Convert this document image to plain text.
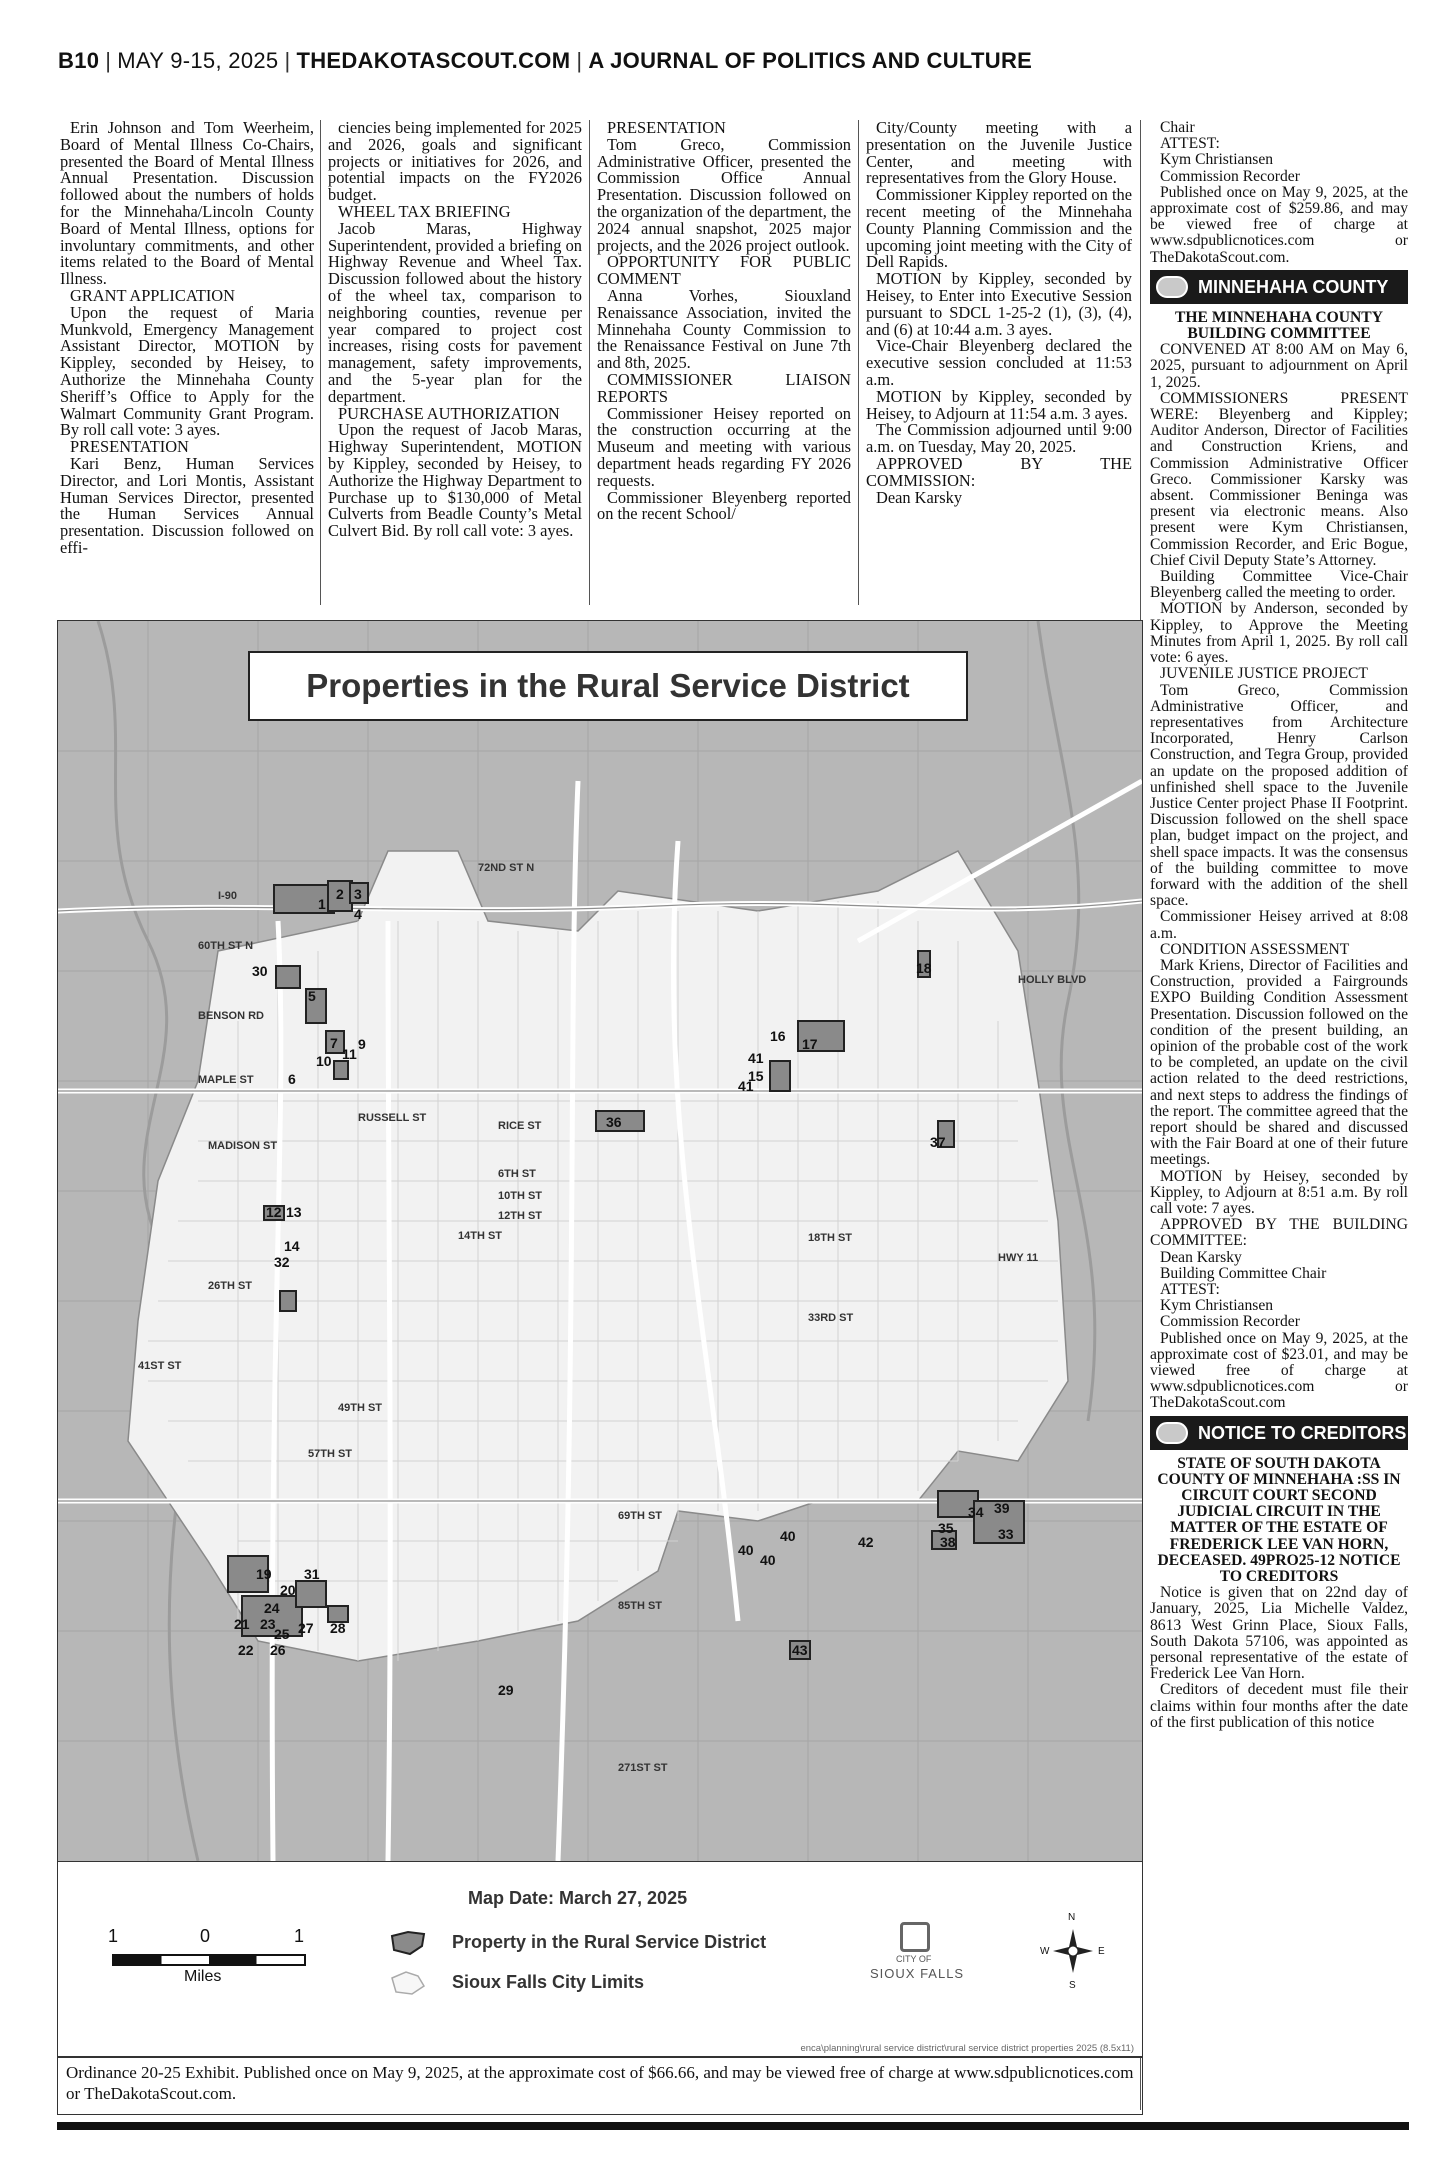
B10 | MAY 9-15, 2025 | THEDAKOTASCOUT.COM | A JOURNAL OF POLITICS AND CULTURE

Erin Johnson and Tom Weerheim, Board of Mental Illness Co-Chairs, presented the Board of Mental Illness Annual Presentation. Discussion followed about the numbers of holds for the Minnehaha/Lincoln County Board of Mental Illness, options for involuntary commitments, and other items related to the Board of Mental Illness.

GRANT APPLICATION

Upon the request of Maria Munkvold, Emergency Management Assistant Director, MOTION by Kippley, seconded by Heisey, to Authorize the Minnehaha County Sheriff’s Office to Apply for the Walmart Community Grant Program. By roll call vote: 3 ayes.

PRESENTATION

Kari Benz, Human Services Director, and Lori Montis, Assistant Human Services Director, presented the Human Services Annual presentation. Discussion followed on effi-

ciencies being implemented for 2025 and 2026, goals and significant projects or initiatives for 2026, and potential impacts on the FY2026 budget.

WHEEL TAX BRIEFING

Jacob Maras, Highway Superintendent, provided a briefing on Highway Revenue and Wheel Tax. Discussion followed about the history of the wheel tax, comparison to neighboring counties, revenue per year compared to project cost increases, rising costs for pavement management, safety improvements, and the 5-year plan for the department.

PURCHASE AUTHORIZATION

Upon the request of Jacob Maras, Highway Superintendent, MOTION by Kippley, seconded by Heisey, to Authorize the Highway Department to Purchase up to $130,000 of Metal Culverts from Beadle County’s Metal Culvert Bid. By roll call vote: 3 ayes.

PRESENTATION

Tom Greco, Commission Administrative Officer, presented the Commission Office Annual Presentation. Discussion followed on the organization of the department, the 2024 annual snapshot, 2025 major projects, and the 2026 project outlook.

OPPORTUNITY FOR PUBLIC COMMENT

Anna Vorhes, Siouxland Renaissance Association, invited the Minnehaha County Commission to the Renaissance Festival on June 7th and 8th, 2025.

COMMISSIONER LIAISON REPORTS

Commissioner Heisey reported on the construction occurring at the Museum and meeting with various department heads regarding FY 2026 requests.

Commissioner Bleyenberg reported on the recent School/

City/County meeting with a presentation on the Juvenile Justice Center, and meeting with representatives from the Glory House.

Commissioner Kippley reported on the recent meeting of the Minnehaha County Planning Commission and the upcoming joint meeting with the City of Dell Rapids.

MOTION by Kippley, seconded by Heisey, to Enter into Executive Session pursuant to SDCL 1-25-2 (1), (3), (4), and (6) at 10:44 a.m. 3 ayes.

Vice-Chair Bleyenberg declared the executive session concluded at 11:53 a.m.

MOTION by Kippley, seconded by Heisey, to Adjourn at 11:54 a.m. 3 ayes.

The Commission adjourned until 9:00 a.m. on Tuesday, May 20, 2025.

APPROVED BY THE COMMISSION:

Dean Karsky

Chair

ATTEST:

Kym Christiansen

Commission Recorder

Published once on May 9, 2025, at the approximate cost of $259.86, and may be viewed free of charge at www.sdpublicnotices.com or TheDakotaScout.com.

MINNEHAHA COUNTY

THE MINNEHAHA COUNTY BUILDING COMMITTEE

CONVENED AT 8:00 AM on May 6, 2025, pursuant to adjournment on April 1, 2025.

COMMISSIONERS PRESENT WERE: Bleyenberg and Kippley; Auditor Anderson, Director of Facilities and Construction Kriens, and Commission Administrative Officer Greco. Commissioner Karsky was absent. Commissioner Beninga was present via electronic means. Also present were Kym Christiansen, Commission Recorder, and Eric Bogue, Chief Civil Deputy State’s Attorney.

Building Committee Vice-Chair Bleyenberg called the meeting to order.

MOTION by Anderson, seconded by Kippley, to Approve the Meeting Minutes from April 1, 2025. By roll call vote: 6 ayes.

JUVENILE JUSTICE PROJECT

Tom Greco, Commission Administrative Officer, and representatives from Architecture Incorporated, Henry Carlson Construction, and Tegra Group, provided an update on the proposed addition of unfinished shell space to the Juvenile Justice Center project Phase II Footprint. Discussion followed on the shell space plan, budget impact on the project, and shell space impacts. It was the consensus of the building committee to move forward with the addition of the shell space.

Commissioner Heisey arrived at 8:08 a.m.

CONDITION ASSESSMENT

Mark Kriens, Director of Facilities and Construction, provided a Fairgrounds EXPO Building Condition Assessment Presentation. Discussion followed on the condition of the present building, an opinion of the probable cost of the work to be completed, an update on the civil action related to the deed restrictions, and next steps to address the findings of the report. The committee agreed that the report should be shared and discussed with the Fair Board at one of their future meetings.

MOTION by Heisey, seconded by Kippley, to Adjourn at 8:51 a.m. By roll call vote: 7 ayes.

APPROVED BY THE BUILDING COMMITTEE:

Dean Karsky

Building Committee Chair

ATTEST:

Kym Christiansen

Commission Recorder

Published once on May 9, 2025, at the approximate cost of $23.01, and may be viewed free of charge at www.sdpublicnotices.com or TheDakotaScout.com

NOTICE TO CREDITORS

STATE OF SOUTH DAKOTA COUNTY OF MINNEHAHA :SS IN CIRCUIT COURT SECOND JUDICIAL CIRCUIT IN THE MATTER OF THE ESTATE OF FREDERICK LEE VAN HORN, DECEASED. 49PRO25-12 NOTICE TO CREDITORS

Notice is given that on 22nd day of January, 2025, Lia Michelle Valdez, 8613 West Grinn Place, Sioux Falls, South Dakota 57106, was appointed as personal representative of the estate of Frederick Lee Van Horn.

Creditors of decedent must file their claims within four months after the date of the first publication of this notice

72ND ST N
I-90
60TH ST N
BENSON RD
HOLLY BLVD
MAPLE ST
MADISON ST
RUSSELL ST
RICE ST
6TH ST
10TH ST
12TH ST
14TH ST	18TH ST
26TH ST
33RD ST
41ST ST
49TH ST
57TH ST
69TH ST
85TH ST
271ST ST
HWY 11
1
2 3
4
5
6
7 9
10 11
12 13
14
15
16 17
18
19
20
21
22
23
24
25
26
27 28
29
30
31
32
33
34
35
36
37
38
39
40
40
40
41
41
42
43
Properties in the Rural Service District
Map Date: March 27, 2025
1	0	1
Miles
Property in the Rural Service District
Sioux Falls City Limits
CITY OF
SIOUX FALLS
N
E
S
W
enca\planning\rural service district\rural service district properties 2025 (8.5x11)
Ordinance 20-25 Exhibit. Published once on May 9, 2025, at the approximate cost of $66.66, and may be viewed free of charge at www.sdpublicnotices.com or TheDakotaScout.com.
